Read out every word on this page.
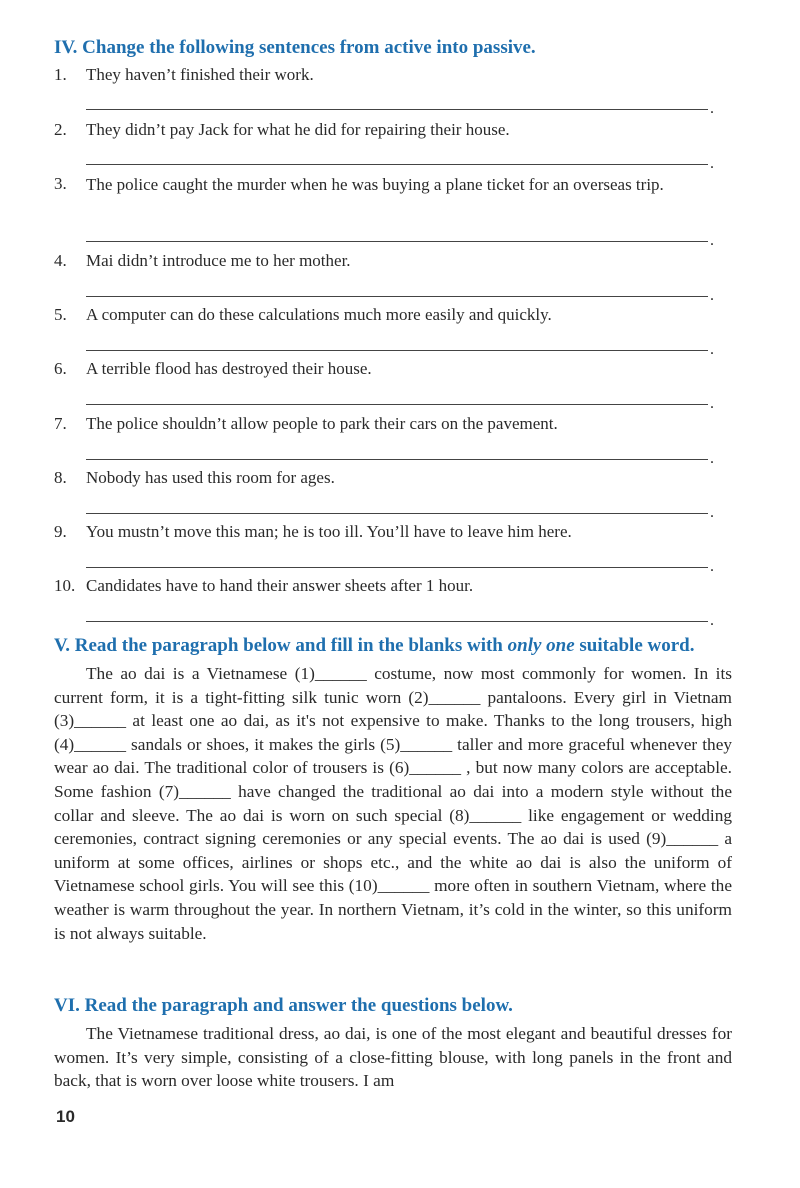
IV. Change the following sentences from active into passive.
1. They haven’t finished their work.
.
2. They didn’t pay Jack for what he did for repairing their house.
.
3. The police caught the murder when he was buying a plane ticket for an overseas trip.
.
4. Mai didn’t introduce me to her mother.
.
5. A computer can do these calculations much more easily and quickly.
.
6. A terrible flood has destroyed their house.
.
7. The police shouldn’t allow people to park their cars on the pavement.
.
8. Nobody has used this room for ages.
.
9. You mustn’t move this man; he is too ill. You’ll have to leave him here.
.
10. Candidates have to hand their answer sheets after 1 hour.
.
V. Read the paragraph below and fill in the blanks with only one suitable word.

The ao dai is a Vietnamese (1)______ costume, now most commonly for women. In its current form, it is a tight-fitting silk tunic worn (2)______ pantaloons. Every girl in Vietnam (3)______ at least one ao dai, as it's not expensive to make. Thanks to the long trousers, high (4)______ sandals or shoes, it makes the girls (5)______ taller and more graceful whenever they wear ao dai. The traditional color of trousers is (6)______ , but now many colors are acceptable. Some fashion (7)______ have changed the traditional ao dai into a modern style without the collar and sleeve. The ao dai is worn on such special (8)______ like engagement or wedding ceremonies, contract signing ceremonies or any special events. The ao dai is used (9)______ a uniform at some offices, airlines or shops etc., and the white ao dai is also the uniform of Vietnamese school girls. You will see this (10)______ more often in southern Vietnam, where the weather is warm throughout the year. In northern Vietnam, it’s cold in the winter, so this uniform is not always suitable.

VI. Read the paragraph and answer the questions below.

The Vietnamese traditional dress, ao dai, is one of the most elegant and beautiful dresses for women. It’s very simple, consisting of a close-fitting blouse, with long panels in the front and back, that is worn over loose white trousers. I am

10
